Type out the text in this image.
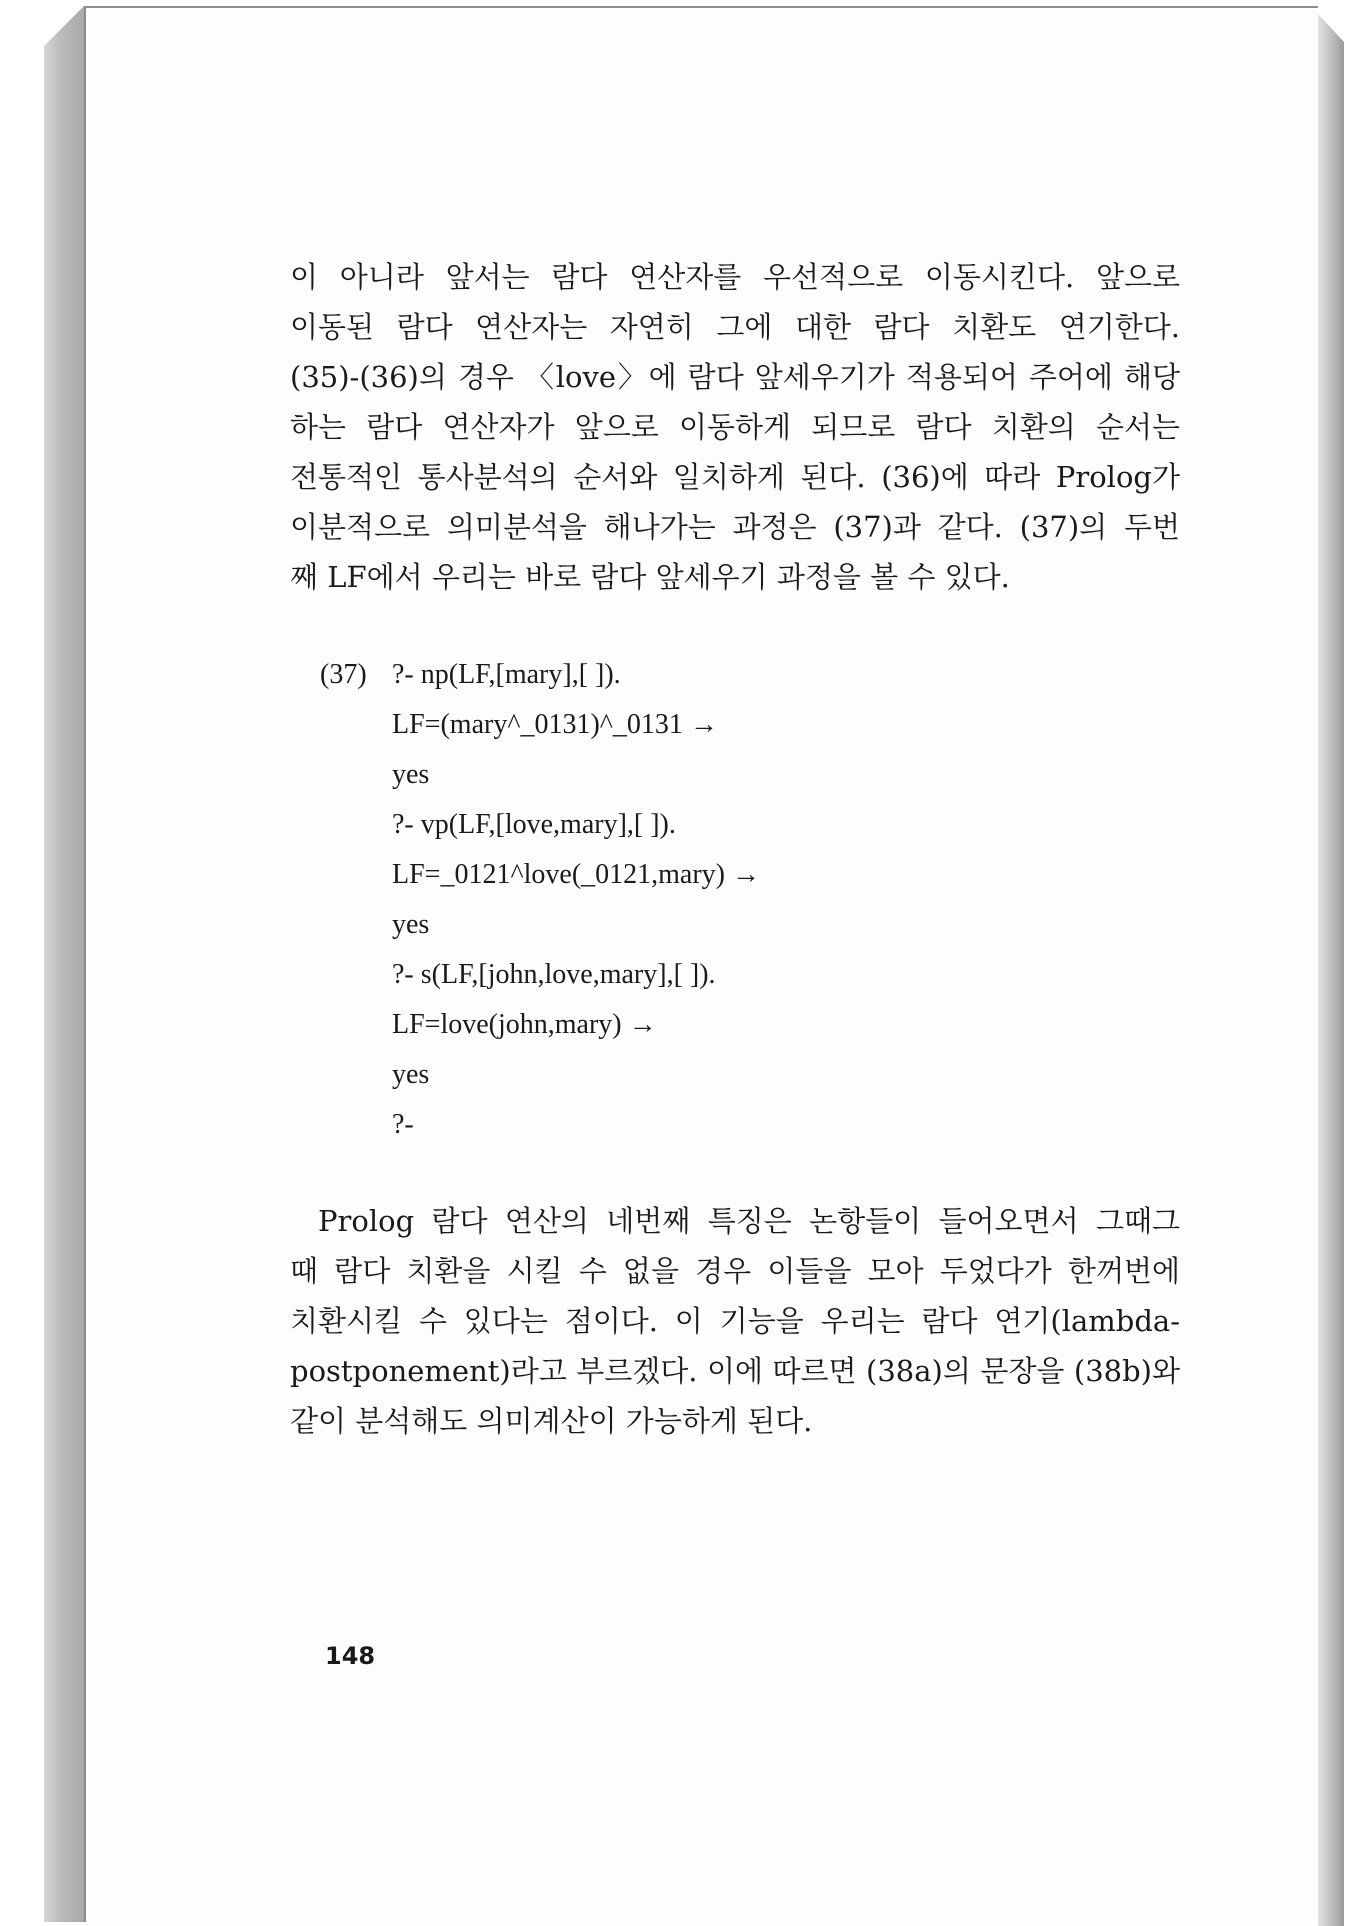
이 아니라 앞서는 람다 연산자를 우선적으로 이동시킨다. 앞으로
이동된 람다 연산자는 자연히 그에 대한 람다 치환도 연기한다.
(35)-(36)의 경우 〈love〉에 람다 앞세우기가 적용되어 주어에 해당
하는 람다 연산자가 앞으로 이동하게 되므로 람다 치환의 순서는
전통적인 통사분석의 순서와 일치하게 된다. (36)에 따라 Prolog가
이분적으로 의미분석을 해나가는 과정은 (37)과 같다. (37)의 두번
째 LF에서 우리는 바로 람다 앞세우기 과정을 볼 수 있다.
(37) ?- np(LF,[mary],[ ]).
LF=(mary^_0131)^_0131 →
yes
?- vp(LF,[love,mary],[ ]).
LF=_0121^love(_0121,mary) →
yes
?- s(LF,[john,love,mary],[ ]).
LF=love(john,mary) →
yes
?-
Prolog 람다 연산의 네번째 특징은 논항들이 들어오면서 그때그
때 람다 치환을 시킬 수 없을 경우 이들을 모아 두었다가 한꺼번에
치환시킬 수 있다는 점이다. 이 기능을 우리는 람다 연기(lambda-
postponement)라고 부르겠다. 이에 따르면 (38a)의 문장을 (38b)와
같이 분석해도 의미계산이 가능하게 된다.
148
